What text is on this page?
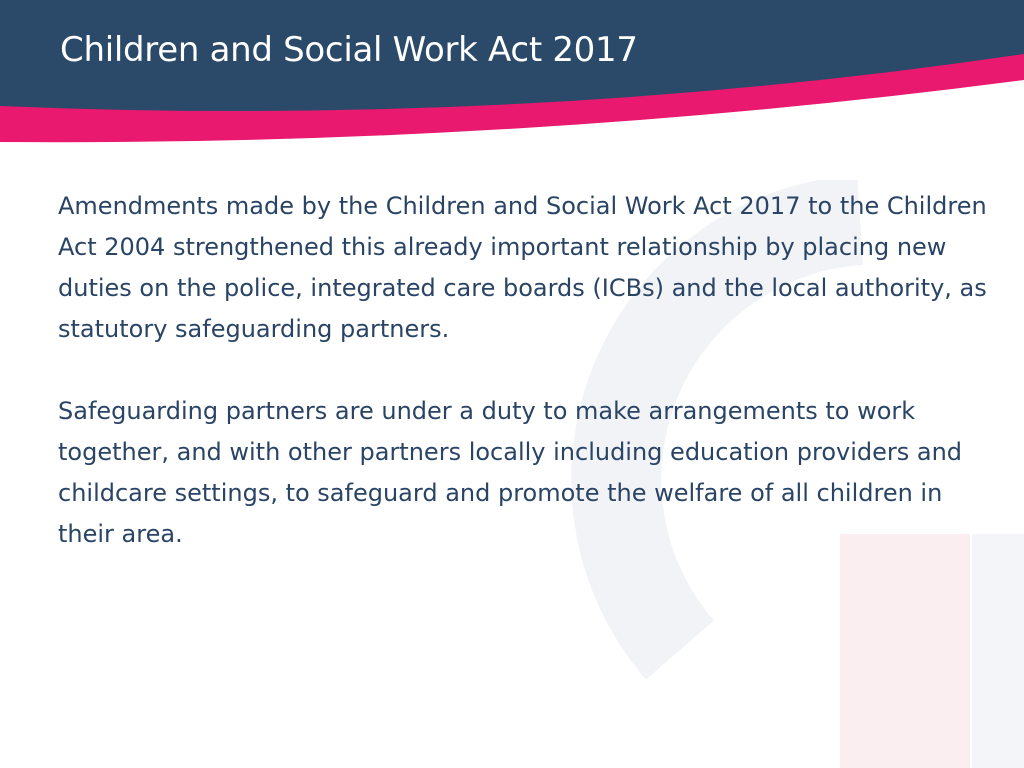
Children and Social Work Act 2017

Amendments made by the Children and Social Work Act 2017 to the Children Act 2004 strengthened this already important relationship by placing new duties on the police, integrated care boards (ICBs) and the local authority, as statutory safeguarding partners.

Safeguarding partners are under a duty to make arrangements to work together, and with other partners locally including education providers and childcare settings, to safeguard and promote the welfare of all children in their area.
